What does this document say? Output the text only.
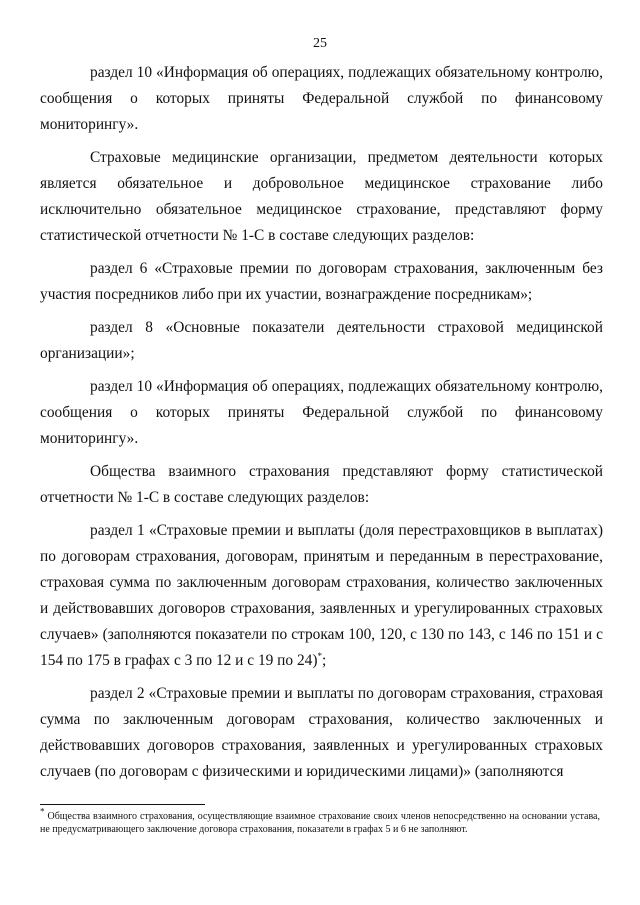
25

раздел 10 «Информация об операциях, подлежащих обязательному контролю, сообщения о которых приняты Федеральной службой по финансовому мониторингу».

Страховые медицинские организации, предметом деятельности которых является обязательное и добровольное медицинское страхование либо исключительно обязательное медицинское страхование, представляют форму статистической отчетности № 1-С в составе следующих разделов:

раздел 6 «Страховые премии по договорам страхования, заключенным без участия посредников либо при их участии, вознаграждение посредникам»;

раздел 8 «Основные показатели деятельности страховой медицинской организации»;

раздел 10 «Информация об операциях, подлежащих обязательному контролю, сообщения о которых приняты Федеральной службой по финансовому мониторингу».

Общества взаимного страхования представляют форму статистической отчетности № 1-С в составе следующих разделов:

раздел 1 «Страховые премии и выплаты (доля перестраховщиков в выплатах) по договорам страхования, договорам, принятым и переданным в перестрахование, страховая сумма по заключенным договорам страхования, количество заключенных и действовавших договоров страхования, заявленных и урегулированных страховых случаев» (заполняются показатели по строкам 100, 120, с 130 по 143, с 146 по 151 и с 154 по 175 в графах с 3 по 12 и с 19 по 24)*;

раздел 2 «Страховые премии и выплаты по договорам страхования, страховая сумма по заключенным договорам страхования, количество заключенных и действовавших договоров страхования, заявленных и урегулированных страховых случаев (по договорам с физическими и юридическими лицами)» (заполняются

* Общества взаимного страхования, осуществляющие взаимное страхование своих членов непосредственно на основании устава, не предусматривающего заключение договора страхования, показатели в графах 5 и 6 не заполняют.
